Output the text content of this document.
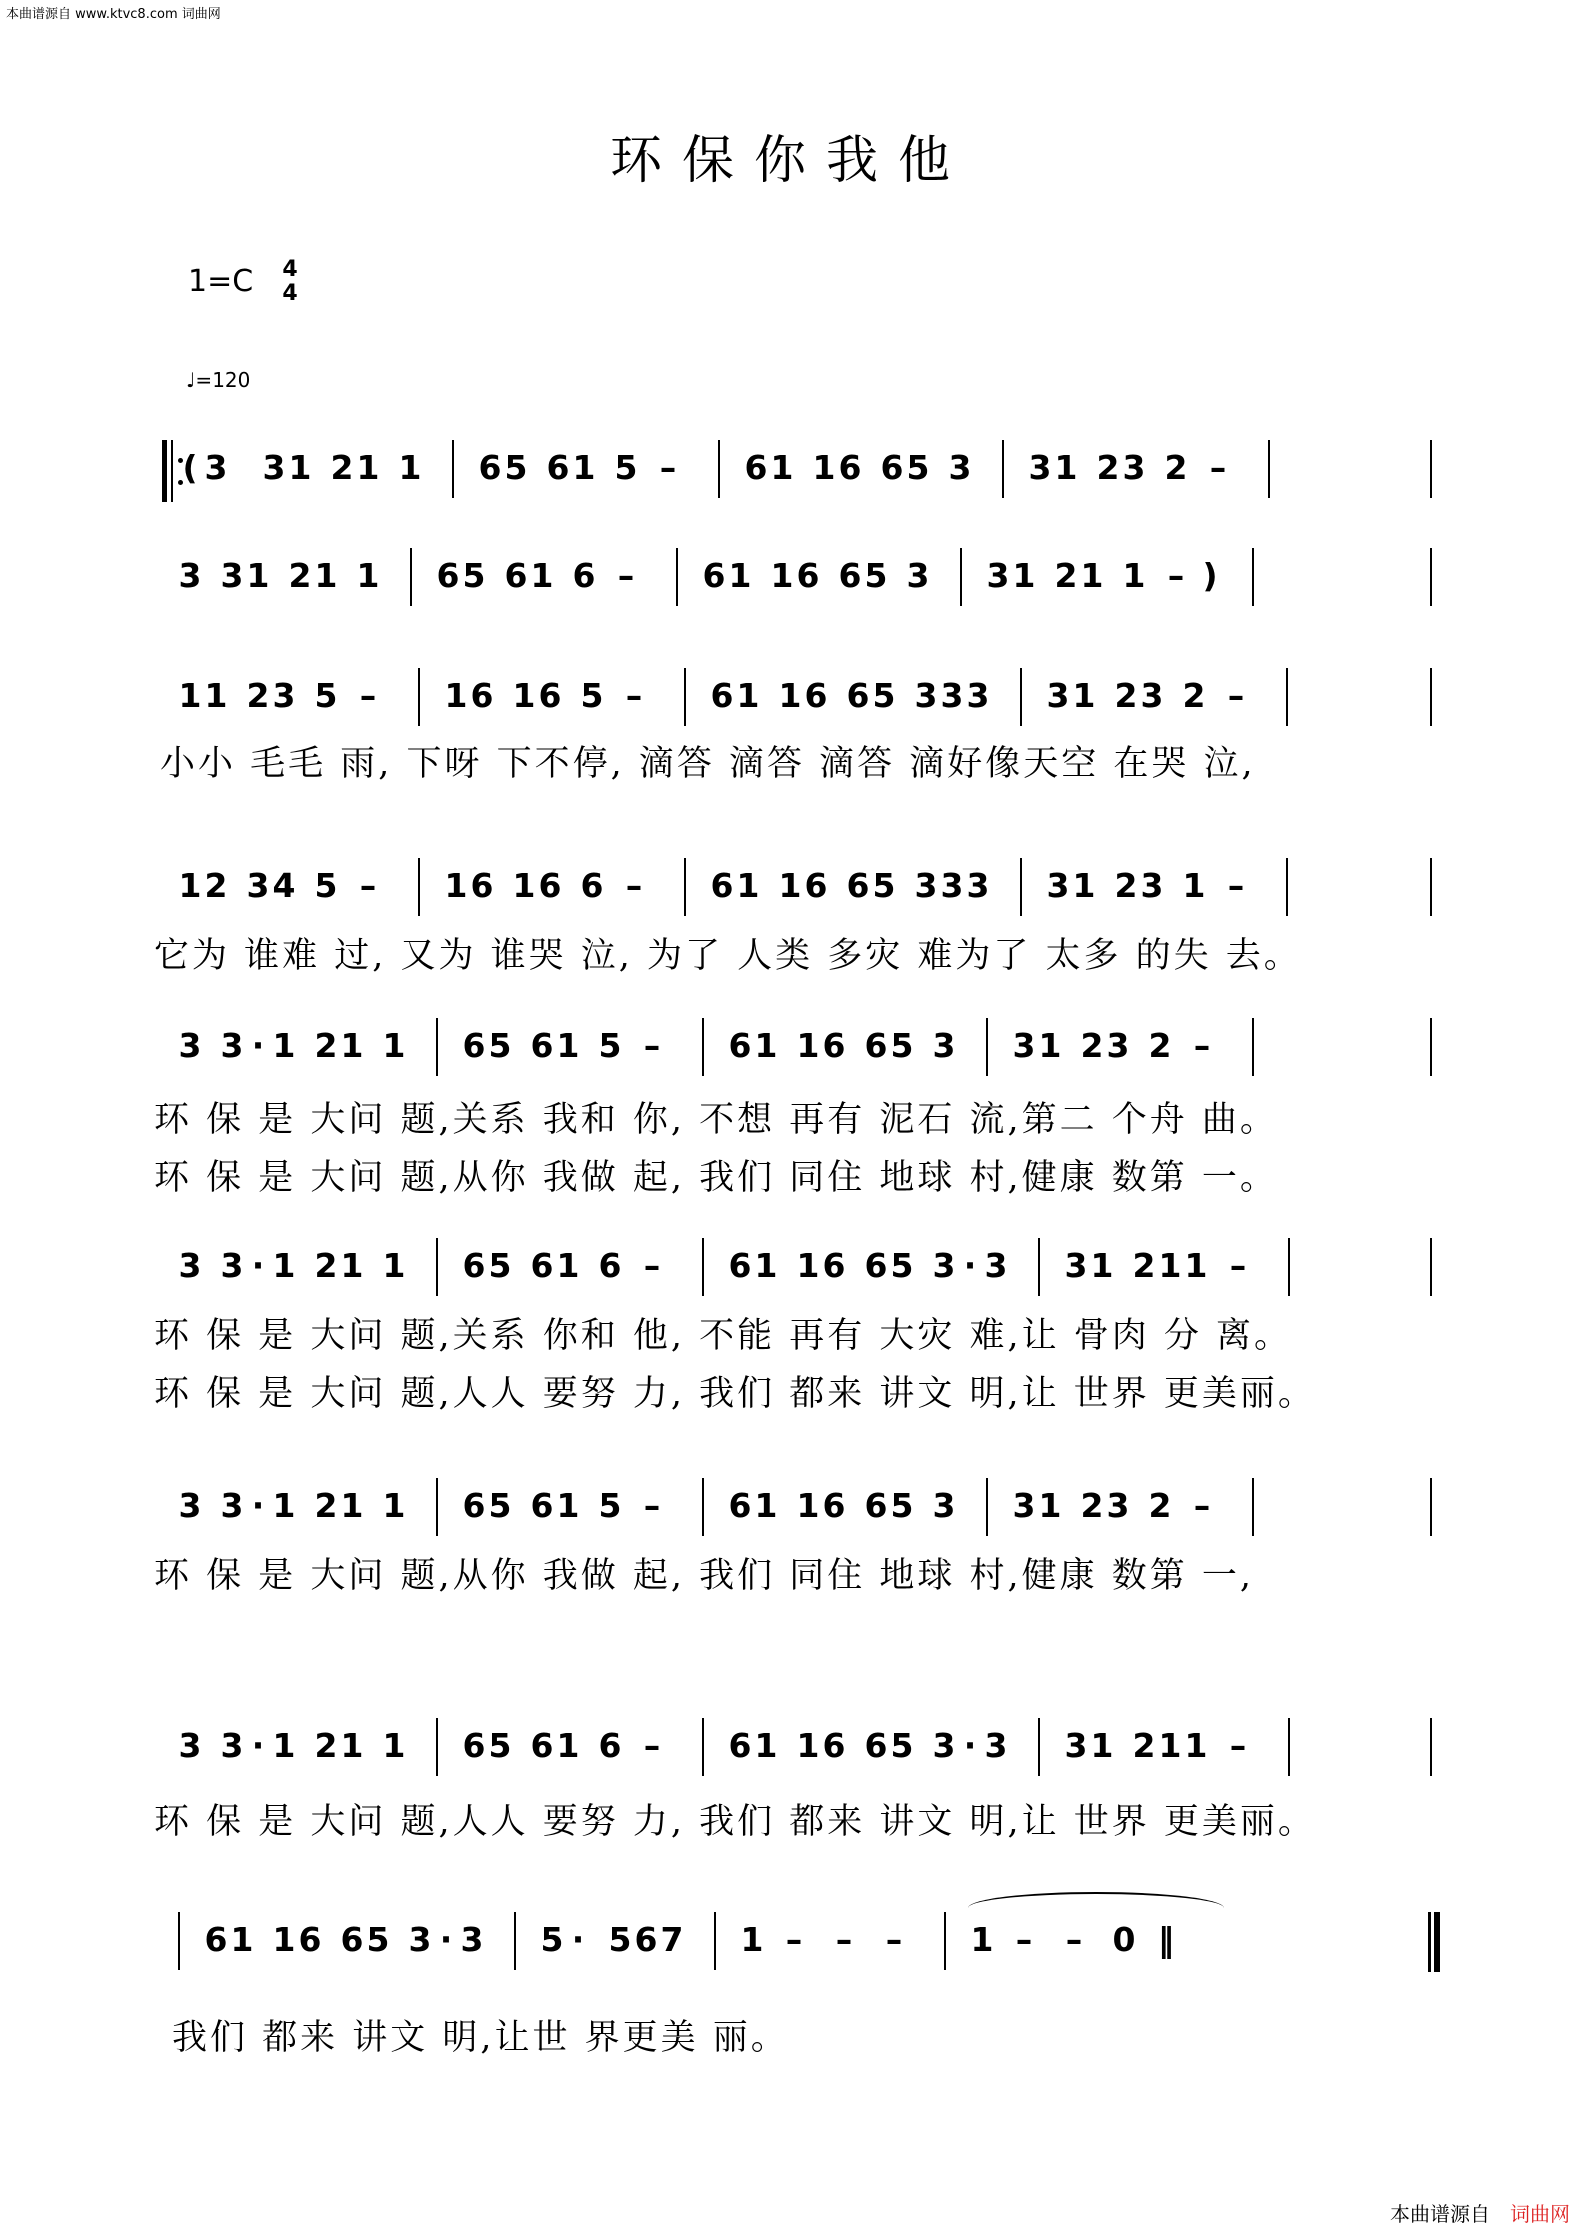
本曲谱源自 www.ktvc8.com 词曲网
环保你我他
1=C 4
4
♩=120
( 3 3 1 2 1 1 6 5 6 1 5 – 6 1 1 6 6 5 3 3 1 2 3 2 –
3 3 1 2 1 1 6 5 6 1 6 – 6 1 1 6 6 5 3 3 1 2 1 1 – )
1 1 2 3 5 – 1 6 1 6 5 – 6 1 1 6 6 5 3 3 3 3 1 2 3 2 –
1 2 3 4 5 – 1 6 1 6 6 – 6 1 1 6 6 5 3 3 3 3 1 2 3 1 –
3 3 · 1 2 1 1 6 5 6 1 5 – 6 1 1 6 6 5 3 3 1 2 3 2 –
3 3 · 1 2 1 1 6 5 6 1 6 – 6 1 1 6 6 5 3 · 3 3 1 2 1 1 –
3 3 · 1 2 1 1 6 5 6 1 5 – 6 1 1 6 6 5 3 3 1 2 3 2 –
3 3 · 1 2 1 1 6 5 6 1 6 – 6 1 1 6 6 5 3 · 3 3 1 2 1 1 –
6 1 1 6 6 5 3 · 3 5 · 5 6 7 1 – – – 1 – – 0 ‖
小小 毛毛 雨, 下呀 下不停, 滴答 滴答 滴答 滴好像天空 在哭 泣,
它为 谁难 过, 又为 谁哭 泣, 为了 人类 多灾 难为了 太多 的失 去。
环 保 是 大问 题,关系 我和 你, 不想 再有 泥石 流,第二 个舟 曲。
环 保 是 大问 题,从你 我做 起, 我们 同住 地球 村,健康 数第 一。
环 保 是 大问 题,关系 你和 他, 不能 再有 大灾 难,让 骨肉 分 离。
环 保 是 大问 题,人人 要努 力, 我们 都来 讲文 明,让 世界 更美丽。
环 保 是 大问 题,从你 我做 起, 我们 同住 地球 村,健康 数第 一,
环 保 是 大问 题,人人 要努 力, 我们 都来 讲文 明,让 世界 更美丽。
我们 都来 讲文 明,让世 界更美 丽。
本曲谱源自 词曲网
